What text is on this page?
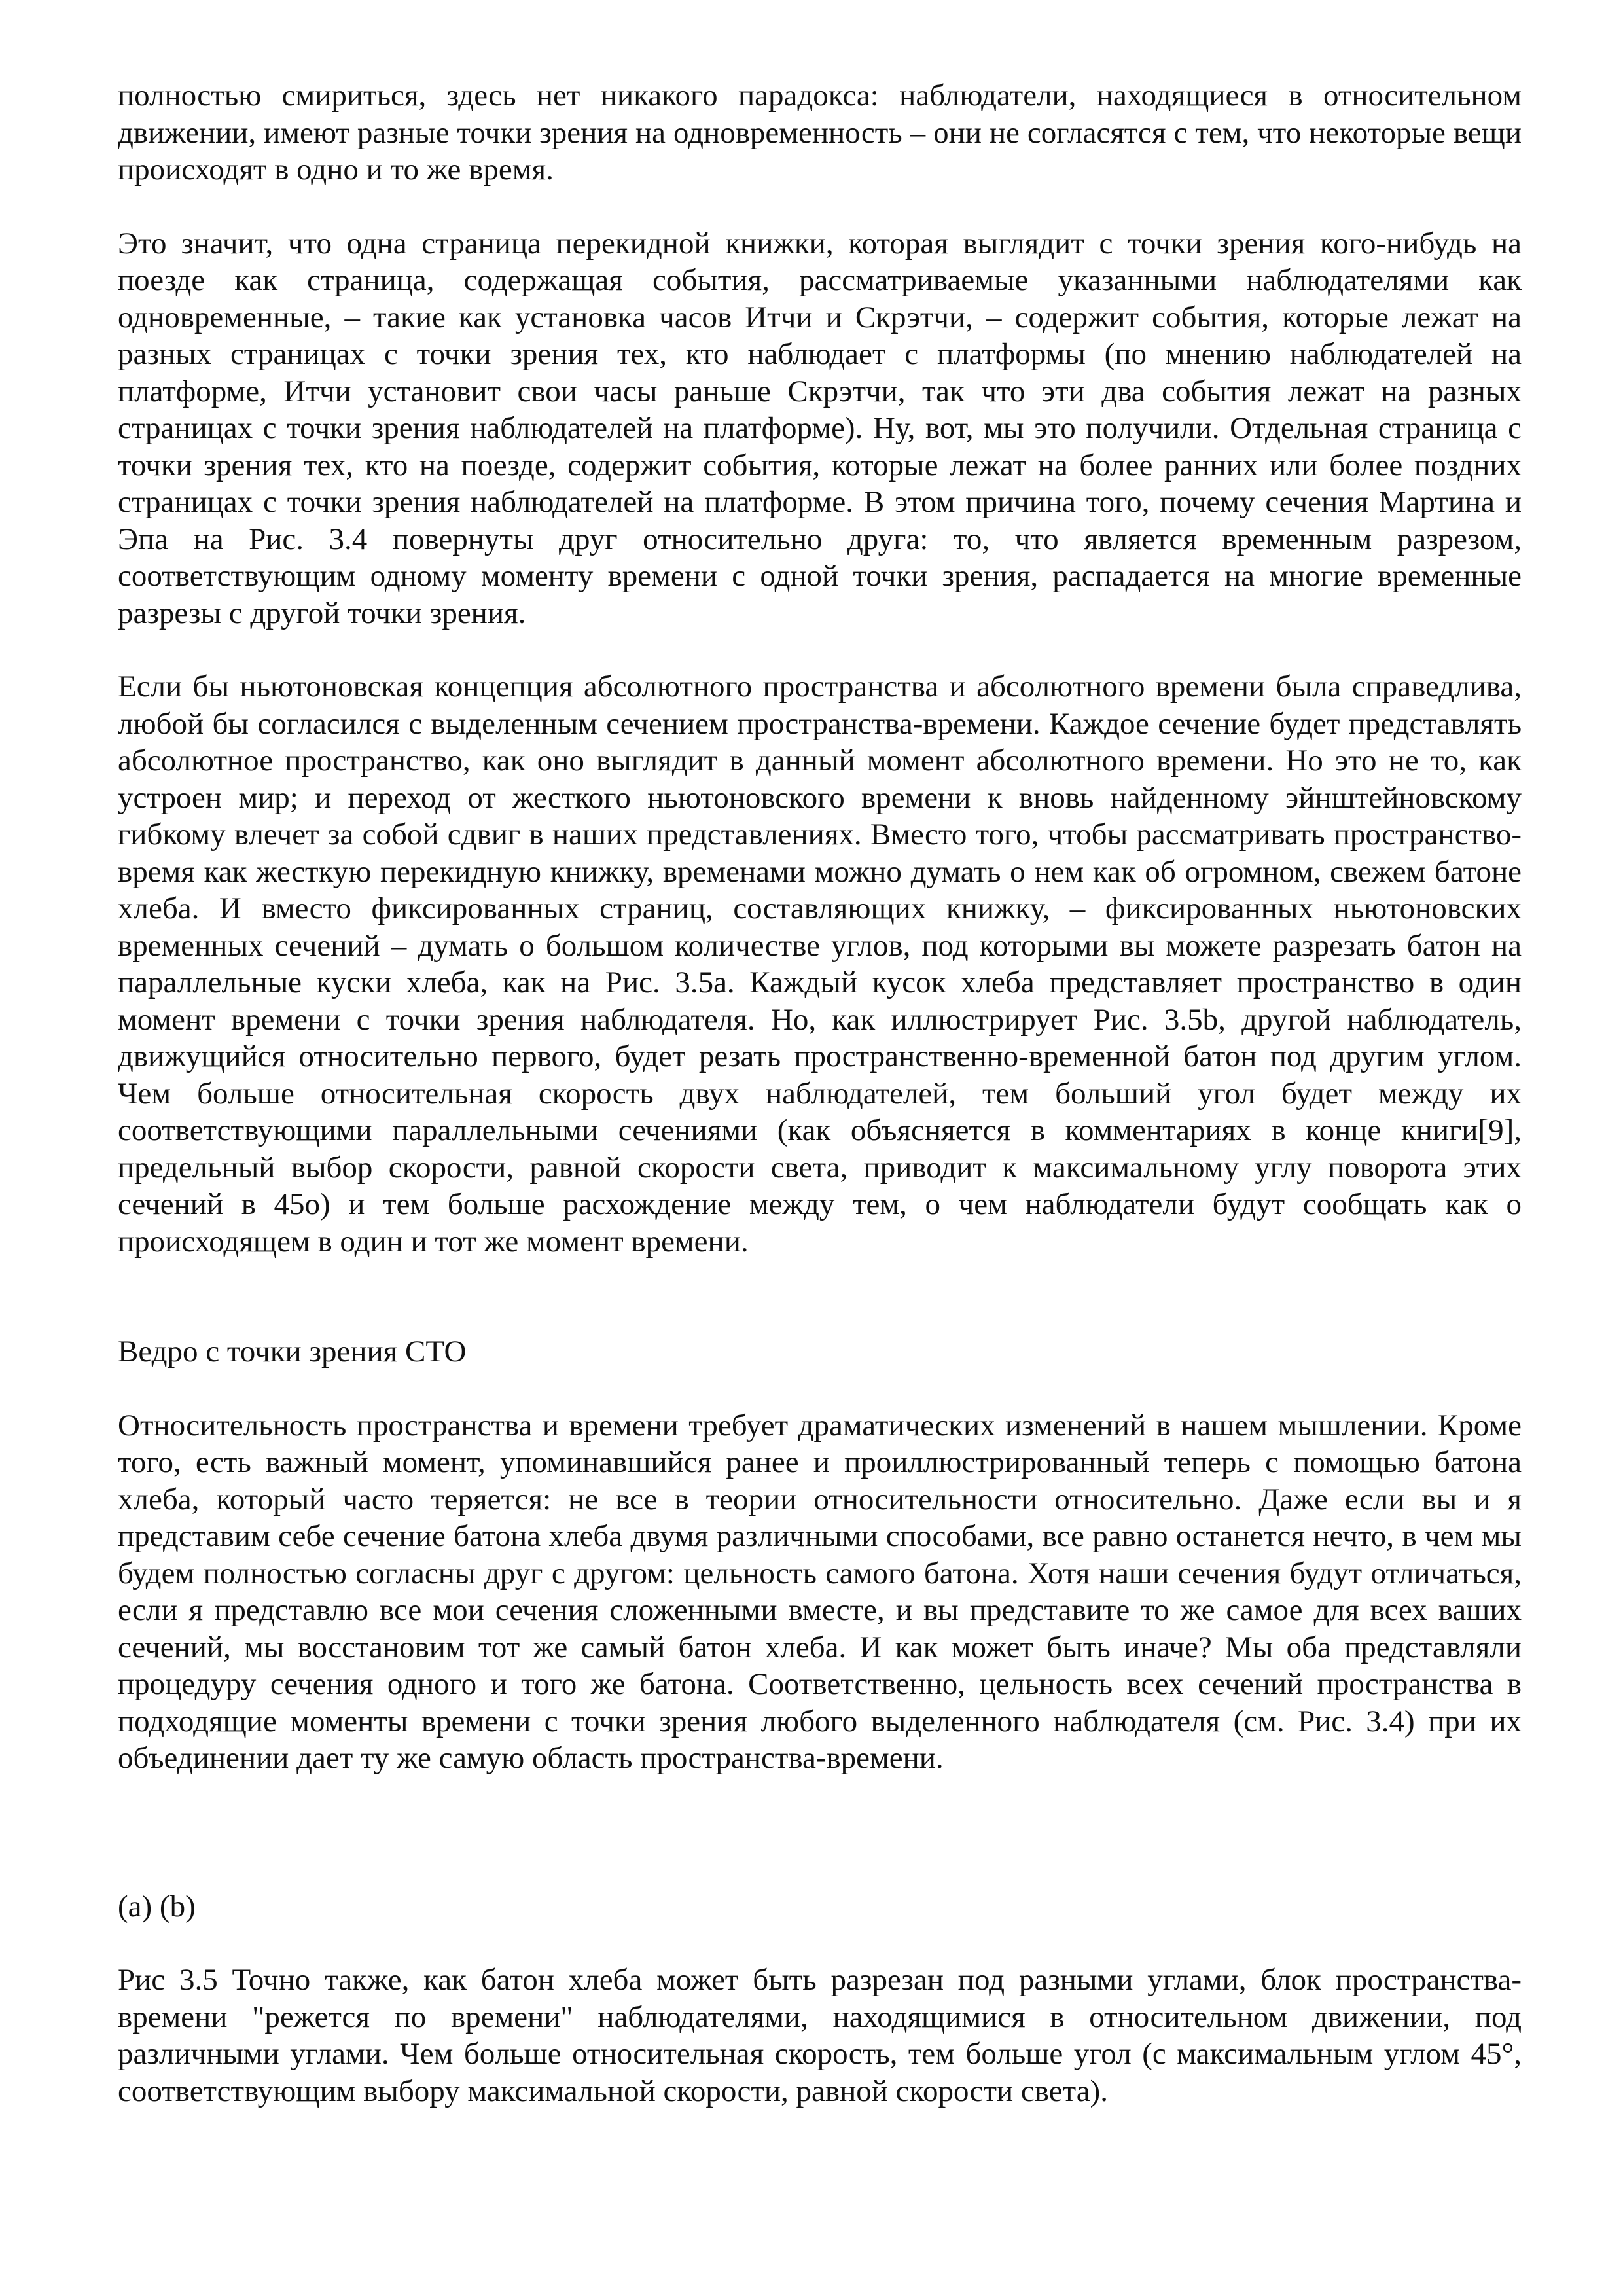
полностью смириться, здесь нет никакого парадокса: наблюдатели, находящиеся в относительном движении, имеют разные точки зрения на одновременность – они не согласятся с тем, что некоторые вещи происходят в одно и то же время.

Это значит, что одна страница перекидной книжки, которая выглядит с точки зрения кого-нибудь на поезде как страница, содержащая события, рассматриваемые указанными наблюдателями как одновременные, – такие как установка часов Итчи и Скрэтчи, – содержит события, которые лежат на разных страницах с точки зрения тех, кто наблюдает с платформы (по мнению наблюдателей на платформе, Итчи установит свои часы раньше Скрэтчи, так что эти два события лежат на разных страницах с точки зрения наблюдателей на платформе). Ну, вот, мы это получили. Отдельная страница с точки зрения тех, кто на поезде, содержит события, которые лежат на более ранних или более поздних страницах с точки зрения наблюдателей на платформе. В этом причина того, почему сечения Мартина и Эпа на Рис. 3.4 повернуты друг относительно друга: то, что является временным разрезом, соответствующим одному моменту времени с одной точки зрения, распадается на многие временные разрезы с другой точки зрения.

Если бы ньютоновская концепция абсолютного пространства и абсолютного времени была справедлива, любой бы согласился с выделенным сечением пространства-времени. Каждое сечение будет представлять абсолютное пространство, как оно выглядит в данный момент абсолютного времени. Но это не то, как устроен мир; и переход от жесткого ньютоновского времени к вновь найденному эйнштейновскому гибкому влечет за собой сдвиг в наших представлениях. Вместо того, чтобы рассматривать пространство-время как жесткую перекидную книжку, временами можно думать о нем как об огромном, свежем батоне хлеба. И вместо фиксированных страниц, составляющих книжку, – фиксированных ньютоновских временных сечений – думать о большом количестве углов, под которыми вы можете разрезать батон на параллельные куски хлеба, как на Рис. 3.5a. Каждый кусок хлеба представляет пространство в один момент времени с точки зрения наблюдателя. Но, как иллюстрирует Рис. 3.5b, другой наблюдатель, движущийся относительно первого, будет резать пространственно-временной батон под другим углом. Чем больше относительная скорость двух наблюдателей, тем больший угол будет между их соответствующими параллельными сечениями (как объясняется в комментариях в конце книги[9], предельный выбор скорости, равной скорости света, приводит к максимальному углу поворота этих сечений в 45o) и тем больше расхождение между тем, о чем наблюдатели будут сообщать как о происходящем в один и тот же момент времени.

Ведро с точки зрения СТО

Относительность пространства и времени требует драматических изменений в нашем мышлении. Кроме того, есть важный момент, упоминавшийся ранее и проиллюстрированный теперь с помощью батона хлеба, который часто теряется: не все в теории относительности относительно. Даже если вы и я представим себе сечение батона хлеба двумя различными способами, все равно останется нечто, в чем мы будем полностью согласны друг с другом: цельность самого батона. Хотя наши сечения будут отличаться, если я представлю все мои сечения сложенными вместе, и вы представите то же самое для всех ваших сечений, мы восстановим тот же самый батон хлеба. И как может быть иначе? Мы оба представляли процедуру сечения одного и того же батона. Соответственно, цельность всех сечений пространства в подходящие моменты времени с точки зрения любого выделенного наблюдателя (см. Рис. 3.4) при их объединении дает ту же самую область пространства-времени.

(a) (b)

Рис 3.5 Точно также, как батон хлеба может быть разрезан под разными углами, блок пространства-времени "режется по времени" наблюдателями, находящимися в относительном движении, под различными углами. Чем больше относительная скорость, тем больше угол (с максимальным углом 45°, соответствующим выбору максимальной скорости, равной скорости света).
